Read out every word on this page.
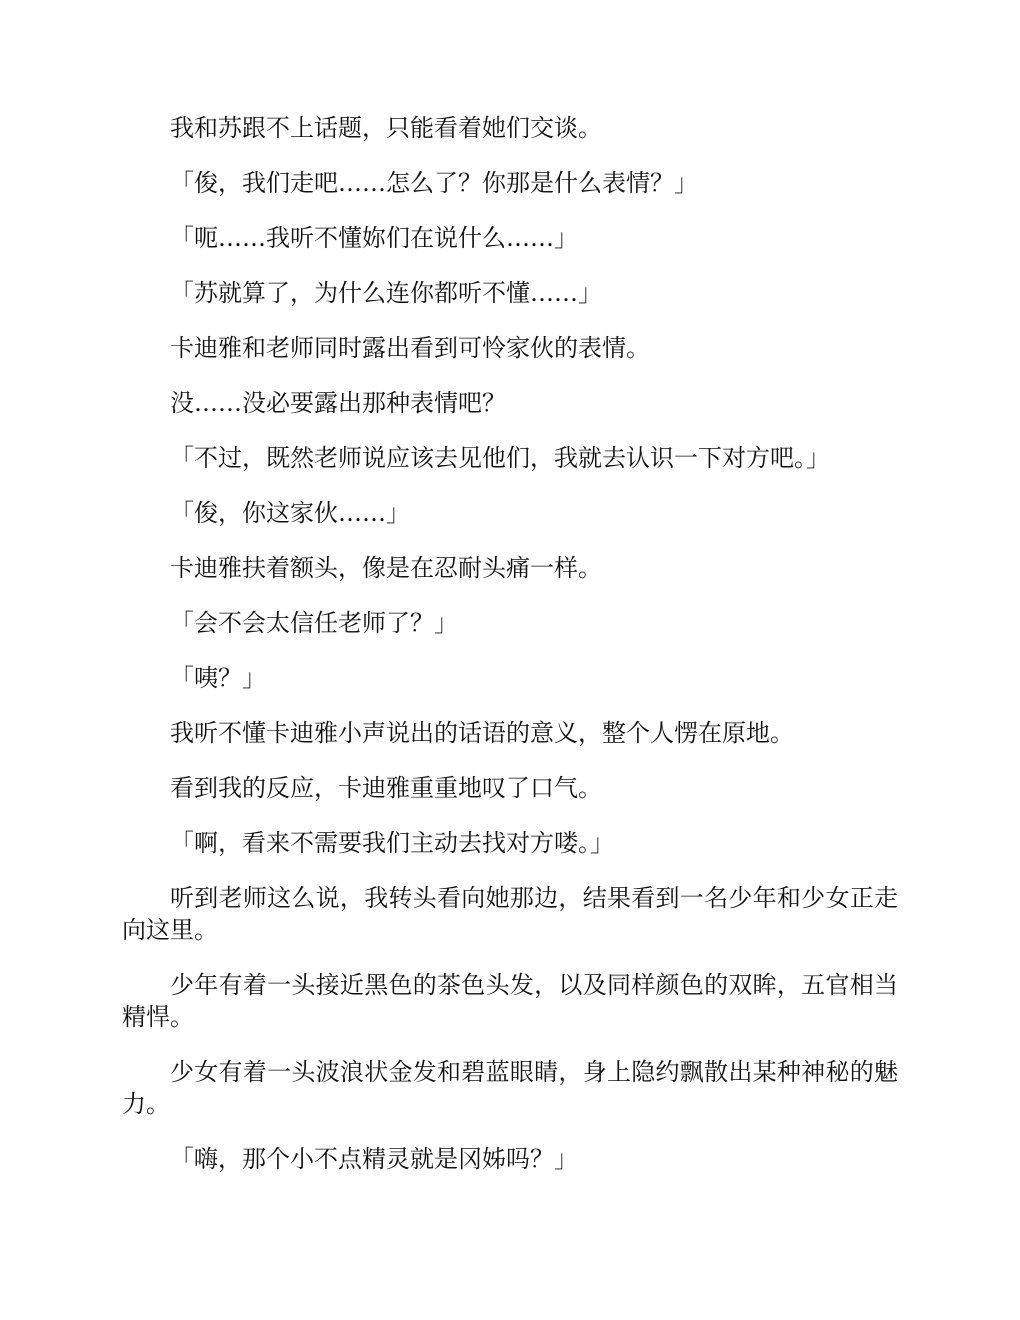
我和苏跟不上话题，只能看着她们交谈。

「俊，我们走吧……怎么了？你那是什么表情？」

「呃……我听不懂妳们在说什么……」

「苏就算了，为什么连你都听不懂……」

卡迪雅和老师同时露出看到可怜家伙的表情。

没……没必要露出那种表情吧？

「不过，既然老师说应该去见他们，我就去认识一下对方吧。」

「俊，你这家伙……」

卡迪雅扶着额头，像是在忍耐头痛一样。

「会不会太信任老师了？」

「咦？」

我听不懂卡迪雅小声说出的话语的意义，整个人愣在原地。

看到我的反应，卡迪雅重重地叹了口气。

「啊，看来不需要我们主动去找对方喽。」

听到老师这么说，我转头看向她那边，结果看到一名少年和少女正走向这里。

少年有着一头接近黑色的茶色头发，以及同样颜色的双眸，五官相当精悍。

少女有着一头波浪状金发和碧蓝眼睛，身上隐约飘散出某种神秘的魅力。

「嗨，那个小不点精灵就是冈姊吗？」
